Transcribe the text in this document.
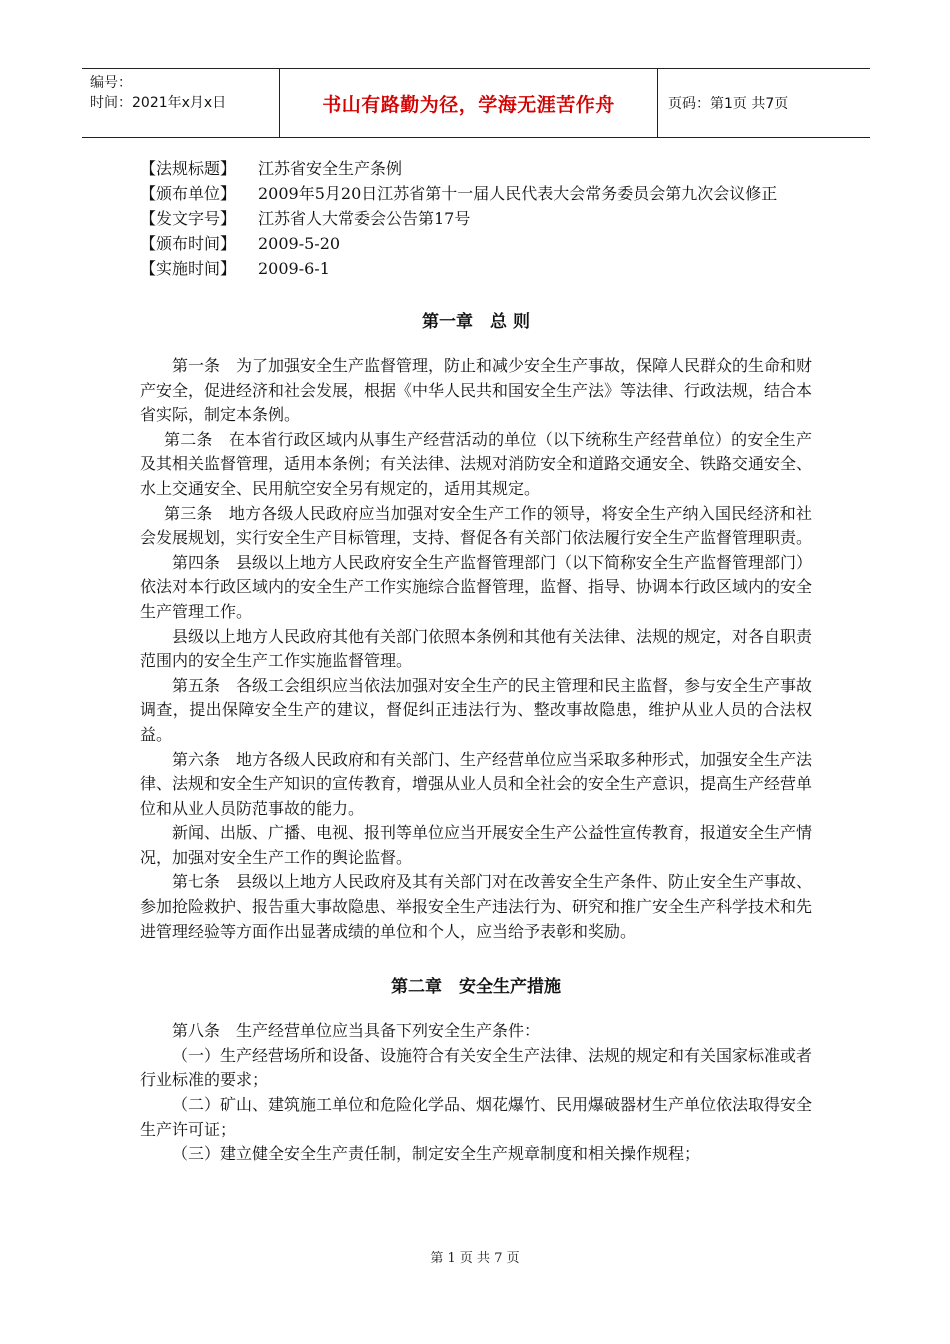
编号：
时间：2021年x月x日	书山有路勤为径，学海无涯苦作舟	页码：第1页 共7页
【法规标题】	江苏省安全生产条例
【颁布单位】	2009年5月20日江苏省第十一届人民代表大会常务委员会第九次会议修正
【发文字号】	江苏省人大常委会公告第17号
【颁布时间】	2009-5-20
【实施时间】	2009-6-1
第一章　总 则

第一条　为了加强安全生产监督管理，防止和减少安全生产事故，保障人民群众的生命和财产安全，促进经济和社会发展，根据《中华人民共和国安全生产法》等法律、行政法规，结合本省实际，制定本条例。

第二条　在本省行政区域内从事生产经营活动的单位（以下统称生产经营单位）的安全生产及其相关监督管理，适用本条例；有关法律、法规对消防安全和道路交通安全、铁路交通安全、水上交通安全、民用航空安全另有规定的，适用其规定。

第三条　地方各级人民政府应当加强对安全生产工作的领导，将安全生产纳入国民经济和社会发展规划，实行安全生产目标管理，支持、督促各有关部门依法履行安全生产监督管理职责。

第四条　县级以上地方人民政府安全生产监督管理部门（以下简称安全生产监督管理部门）依法对本行政区域内的安全生产工作实施综合监督管理，监督、指导、协调本行政区域内的安全生产管理工作。

县级以上地方人民政府其他有关部门依照本条例和其他有关法律、法规的规定，对各自职责范围内的安全生产工作实施监督管理。

第五条　各级工会组织应当依法加强对安全生产的民主管理和民主监督，参与安全生产事故调查，提出保障安全生产的建议，督促纠正违法行为、整改事故隐患，维护从业人员的合法权益。

第六条　地方各级人民政府和有关部门、生产经营单位应当采取多种形式，加强安全生产法律、法规和安全生产知识的宣传教育，增强从业人员和全社会的安全生产意识，提高生产经营单位和从业人员防范事故的能力。

新闻、出版、广播、电视、报刊等单位应当开展安全生产公益性宣传教育，报道安全生产情况，加强对安全生产工作的舆论监督。

第七条　县级以上地方人民政府及其有关部门对在改善安全生产条件、防止安全生产事故、参加抢险救护、报告重大事故隐患、举报安全生产违法行为、研究和推广安全生产科学技术和先进管理经验等方面作出显著成绩的单位和个人，应当给予表彰和奖励。

第二章　安全生产措施

第八条　生产经营单位应当具备下列安全生产条件：

（一）生产经营场所和设备、设施符合有关安全生产法律、法规的规定和有关国家标准或者行业标准的要求；

（二）矿山、建筑施工单位和危险化学品、烟花爆竹、民用爆破器材生产单位依法取得安全生产许可证；

（三）建立健全安全生产责任制，制定安全生产规章制度和相关操作规程；

第 1 页 共 7 页
